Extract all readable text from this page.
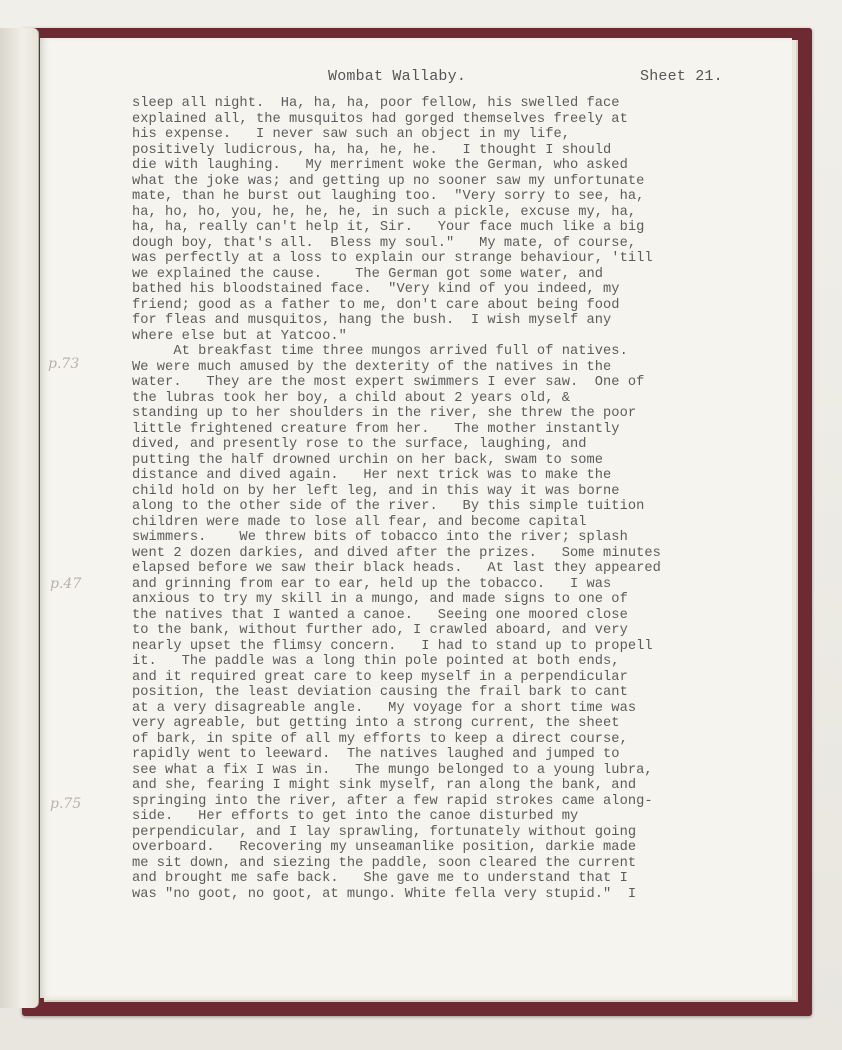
Wombat Wallaby.	Sheet 21.
p.73
p.47
p.75
sleep all night.  Ha, ha, ha, poor fellow, his swelled face
explained all, the musquitos had gorged themselves freely at
his expense.   I never saw such an object in my life,
positively ludicrous, ha, ha, he, he.   I thought I should
die with laughing.   My merriment woke the German, who asked
what the joke was; and getting up no sooner saw my unfortunate
mate, than he burst out laughing too.  "Very sorry to see, ha,
ha, ho, ho, you, he, he, he, in such a pickle, excuse my, ha,
ha, ha, really can't help it, Sir.   Your face much like a big
dough boy, that's all.  Bless my soul."   My mate, of course,
was perfectly at a loss to explain our strange behaviour, 'till
we explained the cause.    The German got some water, and
bathed his bloodstained face.  "Very kind of you indeed, my
friend; good as a father to me, don't care about being food
for fleas and musquitos, hang the bush.  I wish myself any
where else but at Yatcoo."
At breakfast time three mungos arrived full of natives.
We were much amused by the dexterity of the natives in the
water.   They are the most expert swimmers I ever saw.  One of
the lubras took her boy, a child about 2 years old, &
standing up to her shoulders in the river, she threw the poor
little frightened creature from her.   The mother instantly
dived, and presently rose to the surface, laughing, and
putting the half drowned urchin on her back, swam to some
distance and dived again.   Her next trick was to make the
child hold on by her left leg, and in this way it was borne
along to the other side of the river.   By this simple tuition
children were made to lose all fear, and become capital
swimmers.    We threw bits of tobacco into the river; splash
went 2 dozen darkies, and dived after the prizes.   Some minutes
elapsed before we saw their black heads.   At last they appeared
and grinning from ear to ear, held up the tobacco.   I was
anxious to try my skill in a mungo, and made signs to one of
the natives that I wanted a canoe.   Seeing one moored close
to the bank, without further ado, I crawled aboard, and very
nearly upset the flimsy concern.   I had to stand up to propell
it.   The paddle was a long thin pole pointed at both ends,
and it required great care to keep myself in a perpendicular
position, the least deviation causing the frail bark to cant
at a very disagreable angle.   My voyage for a short time was
very agreable, but getting into a strong current, the sheet
of bark, in spite of all my efforts to keep a direct course,
rapidly went to leeward.  The natives laughed and jumped to
see what a fix I was in.   The mungo belonged to a young lubra,
and she, fearing I might sink myself, ran along the bank, and
springing into the river, after a few rapid strokes came along-
side.   Her efforts to get into the canoe disturbed my
perpendicular, and I lay sprawling, fortunately without going
overboard.   Recovering my unseamanlike position, darkie made
me sit down, and siezing the paddle, soon cleared the current
and brought me safe back.   She gave me to understand that I
was "no goot, no goot, at mungo. White fella very stupid."  I
